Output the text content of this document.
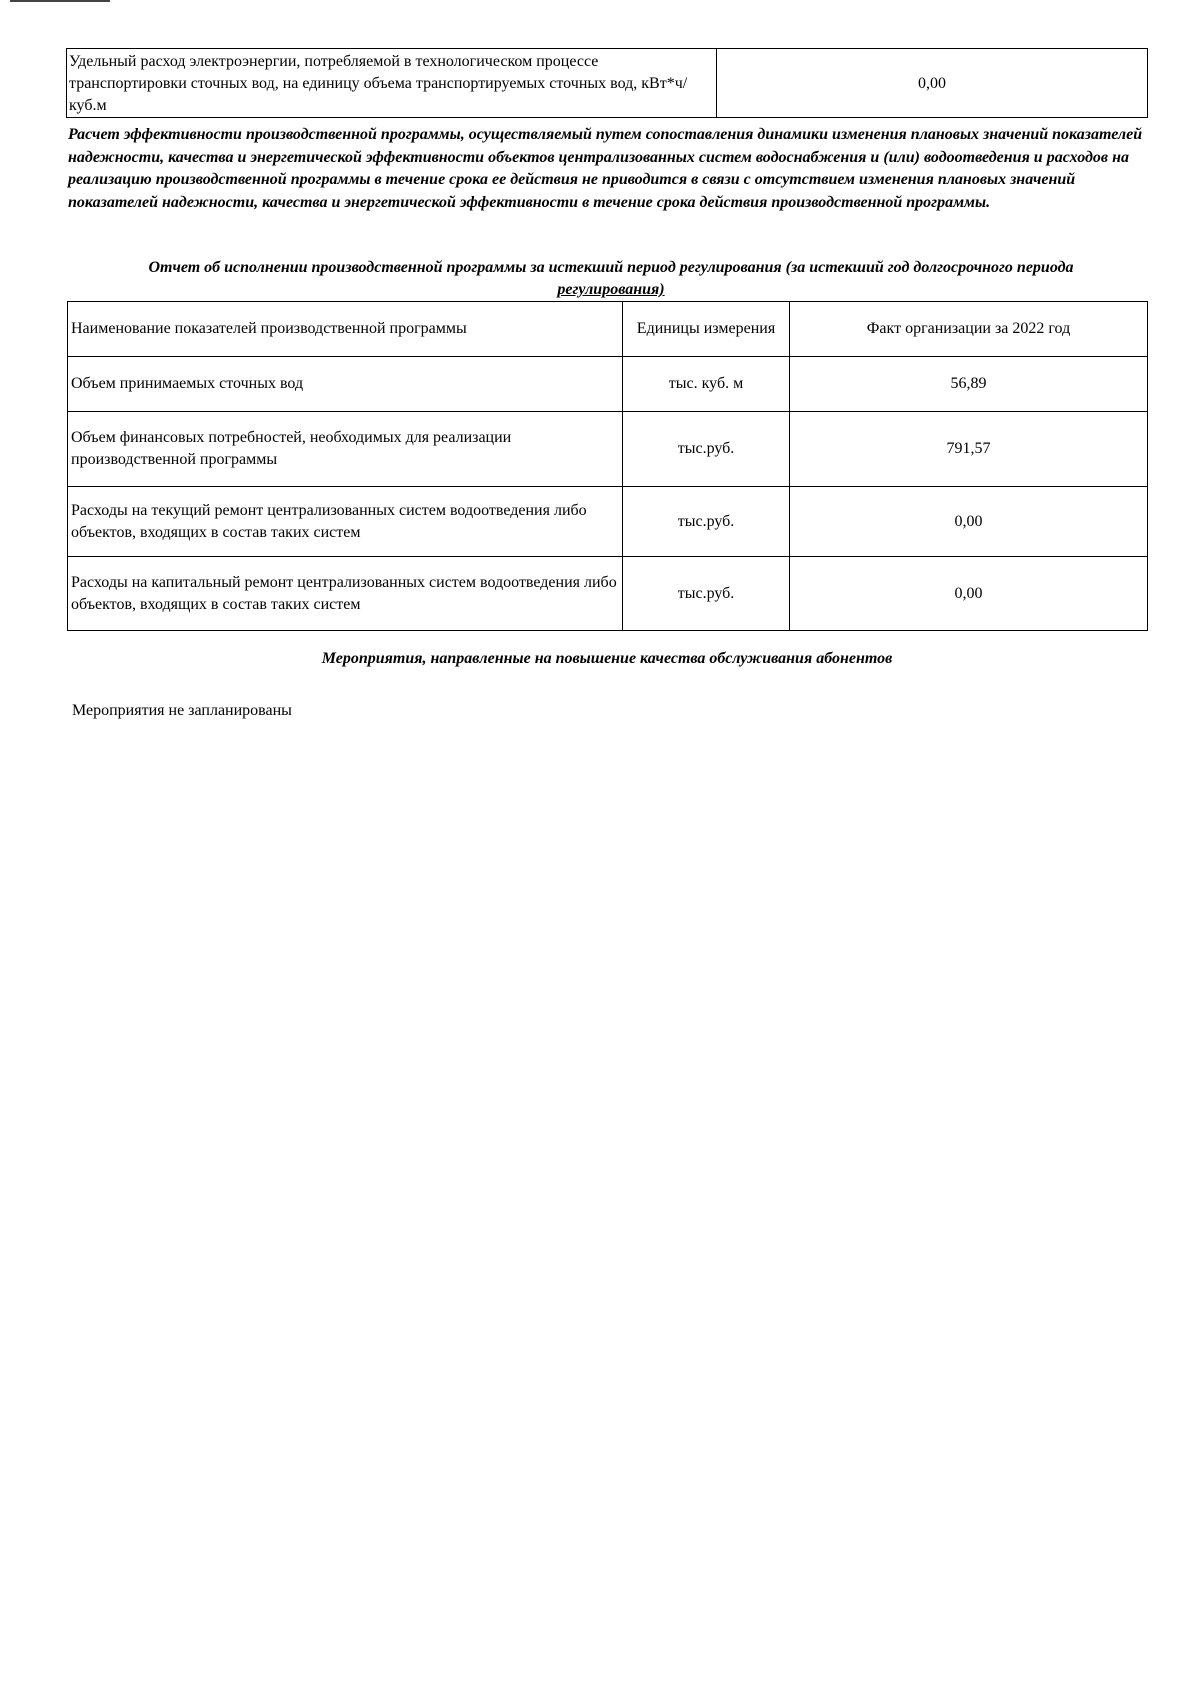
Удельный расход электроэнергии, потребляемой в технологическом процессе транспортировки сточных вод, на единицу объема транспортируемых сточных вод, кВт*ч/ куб.м	0,00
Расчет эффективности производственной программы, осуществляемый путем сопоставления динамики изменения плановых значений показателей надежности, качества и энергетической эффективности объектов централизованных систем водоснабжения и (или) водоотведения и расходов на реализацию производственной программы в течение срока ее действия не приводится в связи с отсутствием изменения плановых значений показателей надежности, качества и энергетической эффективности в течение срока действия производственной программы.
Отчет об исполнении производственной программы за истекший период регулирования (за истекший год долгосрочного периода
регулирования)
Наименование показателей производственной программы	Единицы измерения	Факт организации за 2022 год
Объем принимаемых сточных вод	тыс. куб. м	56,89
Объем финансовых потребностей, необходимых для реализации производственной программы	тыс.руб.	791,57
Расходы на текущий ремонт централизованных систем водоотведения либо объектов, входящих в состав таких систем	тыс.руб.	0,00
Расходы на капитальный ремонт централизованных систем водоотведения либо объектов, входящих в состав таких систем	тыс.руб.	0,00
Мероприятия, направленные на повышение качества обслуживания абонентов
Мероприятия не запланированы
